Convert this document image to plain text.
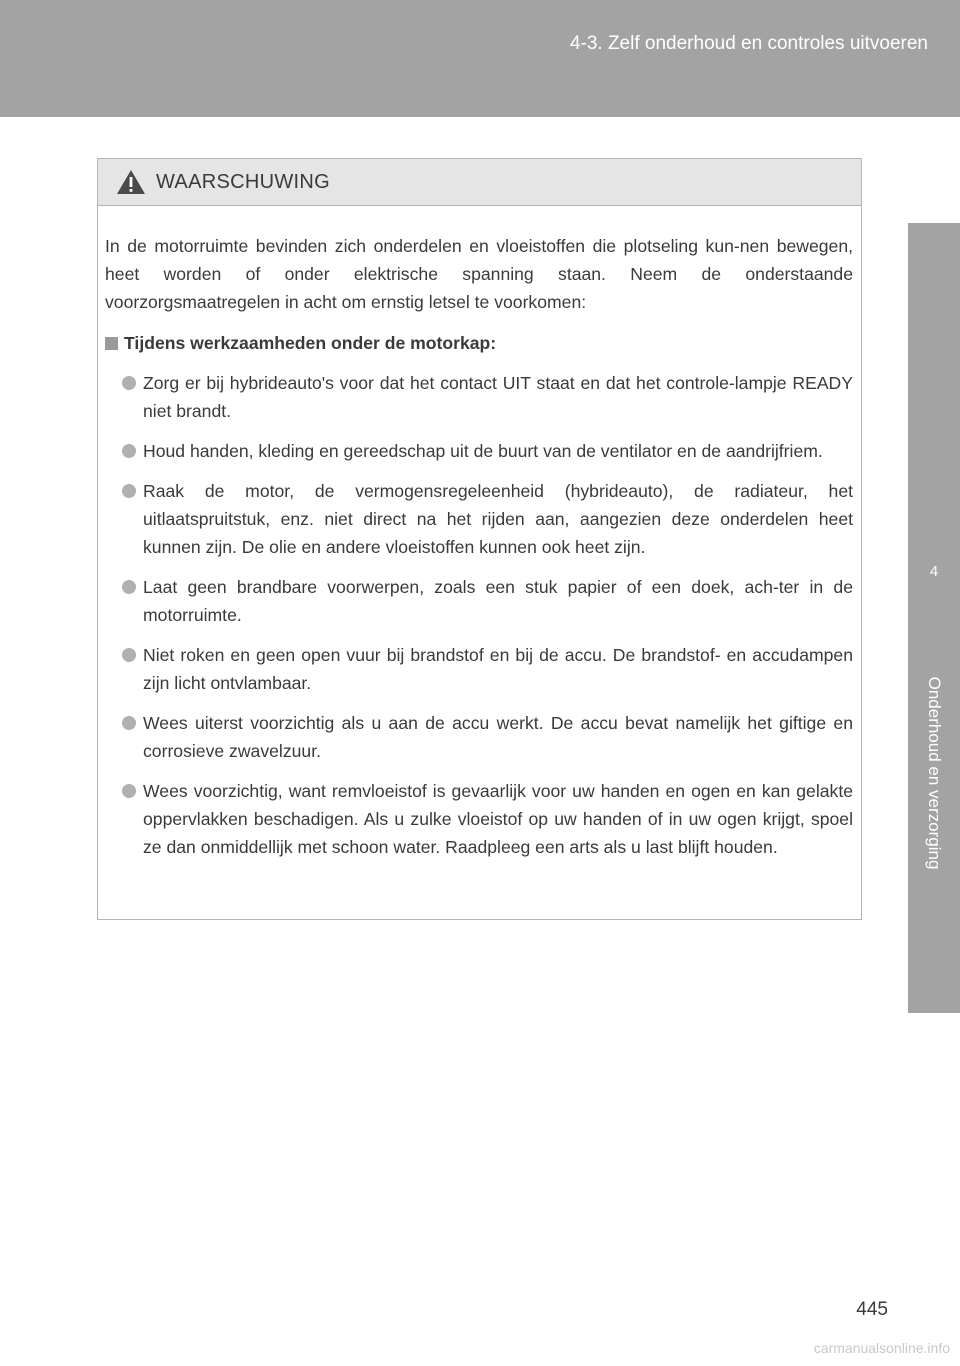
4-3. Zelf onderhoud en controles uitvoeren
4
Onderhoud en verzorging
WAARSCHUWING

In de motorruimte bevinden zich onderdelen en vloeistoffen die plotseling kun-nen bewegen, heet worden of onder elektrische spanning staan. Neem de onderstaande voorzorgsmaatregelen in acht om ernstig letsel te voorkomen:

Tijdens werkzaamheden onder de motorkap:
Zorg er bij hybrideauto's voor dat het contact UIT staat en dat het controle-lampje READY niet brandt.
Houd handen, kleding en gereedschap uit de buurt van de ventilator en de aandrijfriem.
Raak de motor, de vermogensregeleenheid (hybrideauto), de radiateur, het uitlaatspruitstuk, enz. niet direct na het rijden aan, aangezien deze onderdelen heet kunnen zijn. De olie en andere vloeistoffen kunnen ook heet zijn.
Laat geen brandbare voorwerpen, zoals een stuk papier of een doek, ach-ter in de motorruimte.
Niet roken en geen open vuur bij brandstof en bij de accu. De brandstof- en accudampen zijn licht ontvlambaar.
Wees uiterst voorzichtig als u aan de accu werkt. De accu bevat namelijk het giftige en corrosieve zwavelzuur.
Wees voorzichtig, want remvloeistof is gevaarlijk voor uw handen en ogen en kan gelakte oppervlakken beschadigen. Als u zulke vloeistof op uw handen of in uw ogen krijgt, spoel ze dan onmiddellijk met schoon water. Raadpleeg een arts als u last blijft houden.
445
carmanualsonline.info
